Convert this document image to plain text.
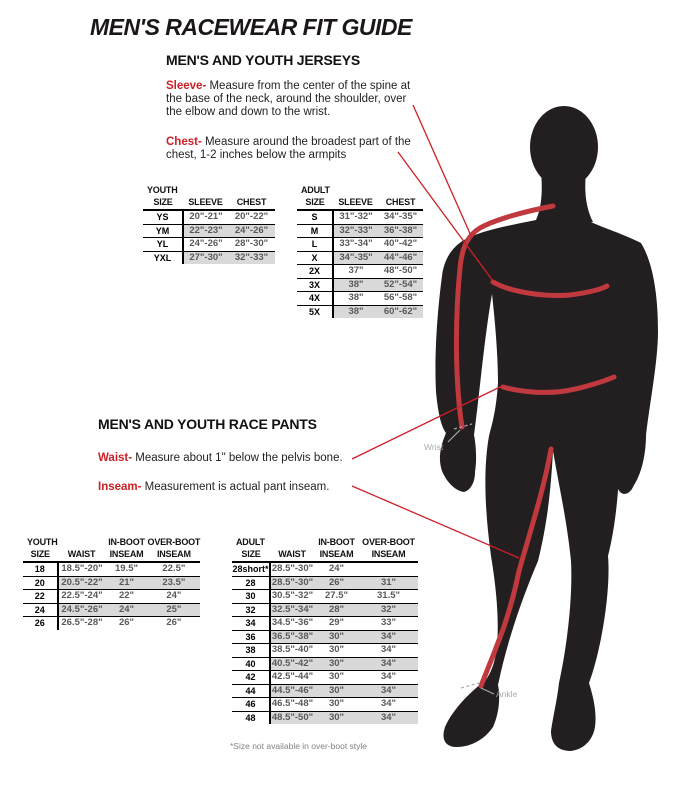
MEN'S RACEWEAR FIT GUIDE
MEN'S AND YOUTH JERSEYS
Sleeve- Measure from the center of the spine at the base of the neck, around the shoulder, over the elbow and down to the wrist.
Chest- Measure around the broadest part of the chest, 1-2 inches below the armpits
MEN'S AND YOUTH RACE PANTS
Waist- Measure about 1" below the pelvis bone.
Inseam- Measurement is actual pant inseam.
YOUTH		
SIZE	SLEEVE	CHEST
YS	20"-21"	20"-22"
YM	22"-23"	24"-26"
YL	24"-26"	28"-30"
YXL	27"-30"	32"-33"
ADULT		
SIZE	SLEEVE	CHEST
S	31"-32"	34"-35"
M	32"-33"	36"-38"
L	33"-34"	40"-42"
X	34"-35"	44"-46"
2X	37"	48"-50"
3X	38"	52"-54"
4X	38"	56"-58"
5X	38"	60"-62"
YOUTH		IN-BOOT	OVER-BOOT
SIZE	WAIST	INSEAM	INSEAM
18	18.5"-20"	19.5"	22.5"
20	20.5"-22"	21"	23.5"
22	22.5"-24"	22"	24"
24	24.5"-26"	24"	25"
26	26.5"-28"	26"	26"
ADULT		IN-BOOT	OVER-BOOT
SIZE	WAIST	INSEAM	INSEAM
28short*	28.5"-30"	24"	
28	28.5"-30"	26"	31"
30	30.5"-32"	27.5"	31.5"
32	32.5"-34"	28"	32"
34	34.5"-36"	29"	33"
36	36.5"-38"	30"	34"
38	38.5"-40"	30"	34"
40	40.5"-42"	30"	34"
42	42.5"-44"	30"	34"
44	44.5"-46"	30"	34"
46	46.5"-48"	30"	34"
48	48.5"-50"	30"	34"
*Size not available in over-boot style
Wrist
Ankle
